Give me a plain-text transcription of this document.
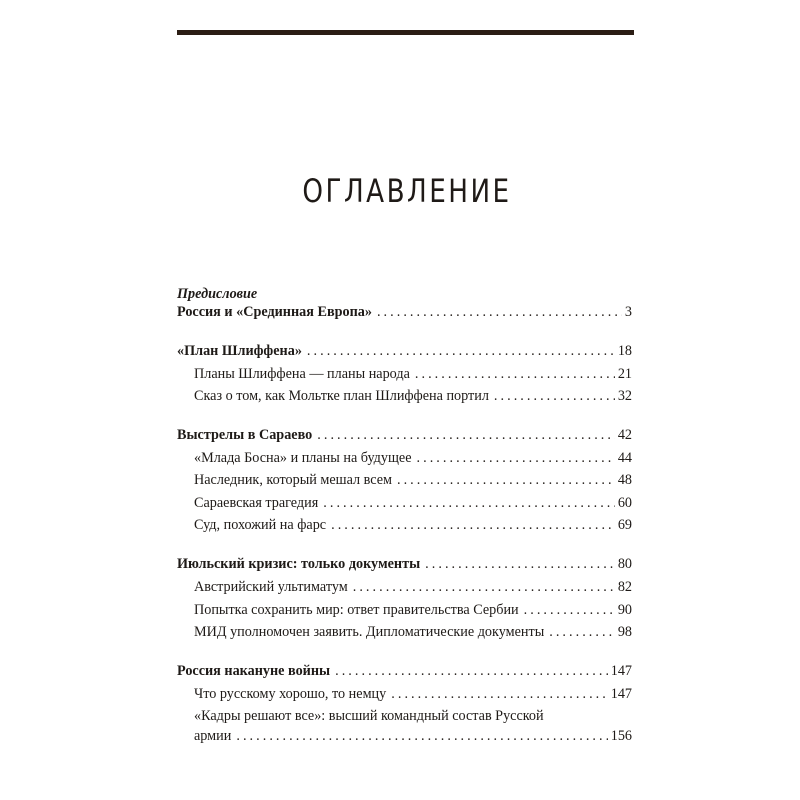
ОГЛАВЛЕНИЕ
Предисловие
Россия и «Срединная Европа» . . .	3
«План Шлиффена» . . .	18
Планы Шлиффена — планы народа . . .	21
Сказ о том, как Мольтке план Шлиффена портил . . .	32
Выстрелы в Сараево . . .	42
«Млада Босна» и планы на будущее . . .	44
Наследник, который мешал всем . . .	48
Сараевская трагедия . . .	60
Суд, похожий на фарс . . .	69
Июльский кризис: только документы . . .	80
Австрийский ультиматум . . .	82
Попытка сохранить мир: ответ правительства Сербии . . .	90
МИД уполномочен заявить. Дипломатические документы . . .	98
Россия накануне войны . . .	147
Что русскому хорошо, то немцу . . .	147
«Кадры решают все»: высший командный состав Русской
армии . . .	156
